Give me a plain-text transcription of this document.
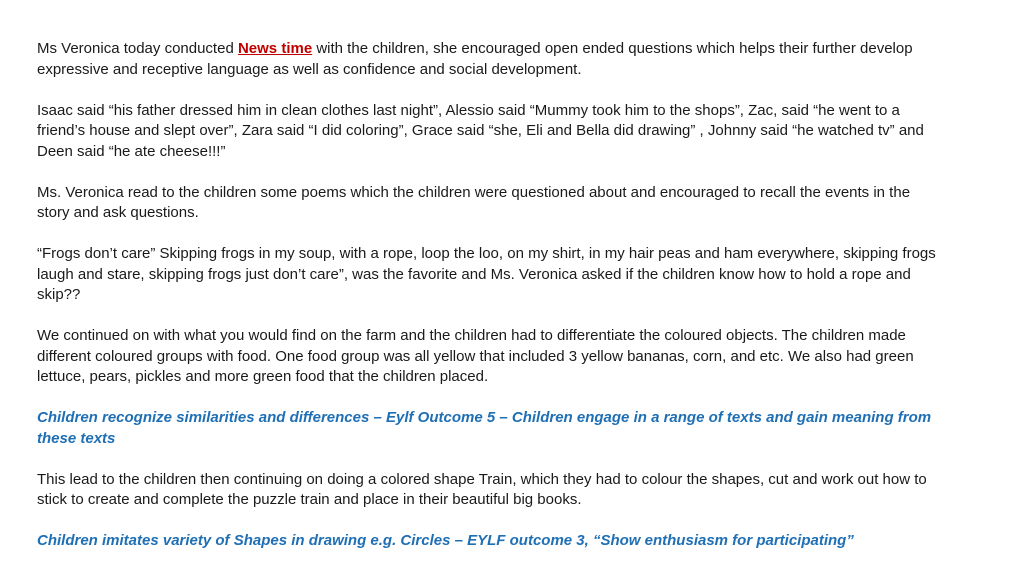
Ms Veronica today conducted News time with the children, she encouraged open ended questions which helps their further develop expressive and receptive language as well as confidence and social development.
Isaac said “his father dressed him in clean clothes last night”, Alessio said “Mummy took him to the shops”, Zac, said “he went to a friend’s house and slept over”, Zara said “I did coloring”, Grace said “she, Eli and Bella did drawing” , Johnny said “he watched tv” and Deen said “he ate cheese!!!”
Ms. Veronica read to the children some poems which the children were questioned about and encouraged to recall the events in the story and ask questions.
“Frogs don’t care” Skipping frogs in my soup, with a rope, loop the loo, on my shirt, in my hair peas and ham everywhere, skipping frogs laugh and stare, skipping frogs just don’t care”, was the favorite and Ms. Veronica asked if the children know how to hold a rope and skip??
We continued on with what you would find on the farm and the children had to differentiate the coloured objects. The children made different coloured groups with food. One food group was all yellow that included 3 yellow bananas, corn, and etc. We also had green lettuce, pears, pickles and more green food that the children placed.
Children recognize similarities and differences – Eylf Outcome 5 – Children engage in a range of texts and gain meaning from these texts
This lead to the children then continuing on doing a colored shape Train, which they had to colour the shapes, cut and work out how to stick to create and complete the puzzle train and place in their beautiful big books.
Children imitates variety of Shapes in drawing e.g. Circles – EYLF outcome 3, “Show enthusiasm for participating”
